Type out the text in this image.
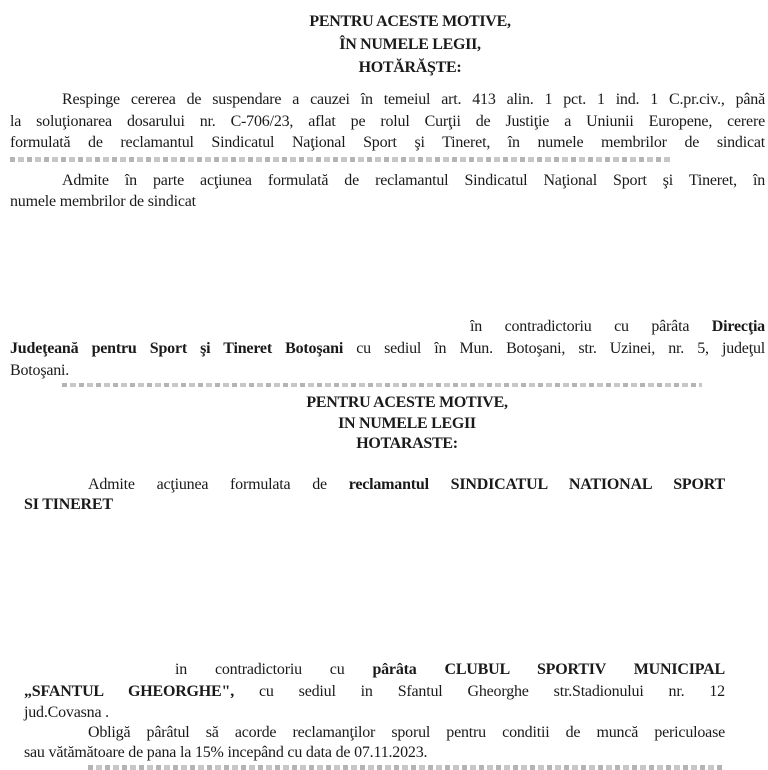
PENTRU ACESTE MOTIVE,
ÎN NUMELE LEGII,
HOTĂRĂŞTE:
Respinge cererea de suspendare a cauzei în temeiul art. 413 alin. 1 pct. 1 ind. 1 C.pr.civ., până
la soluţionarea dosarului nr. C-706/23, aflat pe rolul Curţii de Justiţie a Uniunii Europene, cerere
formulată de reclamantul Sindicatul Naţional Sport şi Tineret, în numele membrilor de sindicat
Admite în parte acţiunea formulată de reclamantul Sindicatul Naţional Sport şi Tineret, în
numele membrilor de sindicat
în contradictoriu cu pârâta Direcţia
Judeţeană pentru Sport şi Tineret Botoşani cu sediul în Mun. Botoşani, str. Uzinei, nr. 5, judeţul
Botoşani.
PENTRU ACESTE MOTIVE,
IN NUMELE LEGII
HOTARASTE:
Admite acţiunea formulata de reclamantul SINDICATUL NATIONAL SPORT
SI TINERET
in contradictoriu cu pârâta CLUBUL SPORTIV MUNICIPAL
„SFANTUL GHEORGHE", cu sediul in Sfantul Gheorghe str.Stadionului nr. 12
jud.Covasna .
Obligă pârâtul să acorde reclamanţilor sporul pentru conditii de muncă periculoase
sau vătămătoare de pana la 15% incepând cu data de 07.11.2023.
